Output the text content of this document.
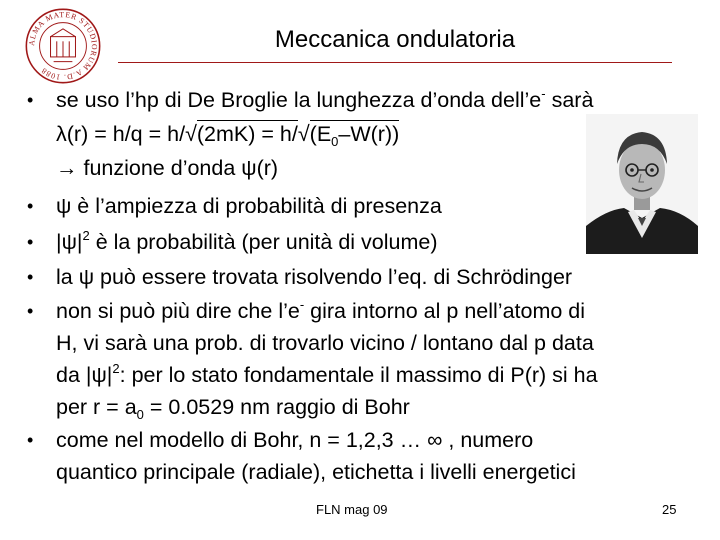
ALMA MATER STUDIORUM A.D. 1088
Meccanica ondulatoria
• se uso l’hp di De Broglie la lunghezza d’onda dell’e- sarà
$\lambda(r) = h/q = h/√(2mK) = h/√(E_0-W(r))$
→ funzione d’onda ψ(r)
• ψ è l’ampiezza di probabilità di presenza
• $|\psi|^2$ è la probabilità (per unità di volume)
• la ψ può essere trovata risolvendo l’eq. di Schrödinger
• non si può più dire che l’e- gira intorno al p nell’atomo di
H, vi sarà una prob. di trovarlo vicino / lontano dal p data
da $|\psi|^2$: per lo stato fondamentale il massimo di P(r) si ha
per $r = a_0 = 0.0529$ nm raggio di Bohr
• come nel modello di Bohr, n = 1,2,3 … ∞ , numero
quantico principale (radiale), etichetta i livelli energetici
FLN mag 09	25
